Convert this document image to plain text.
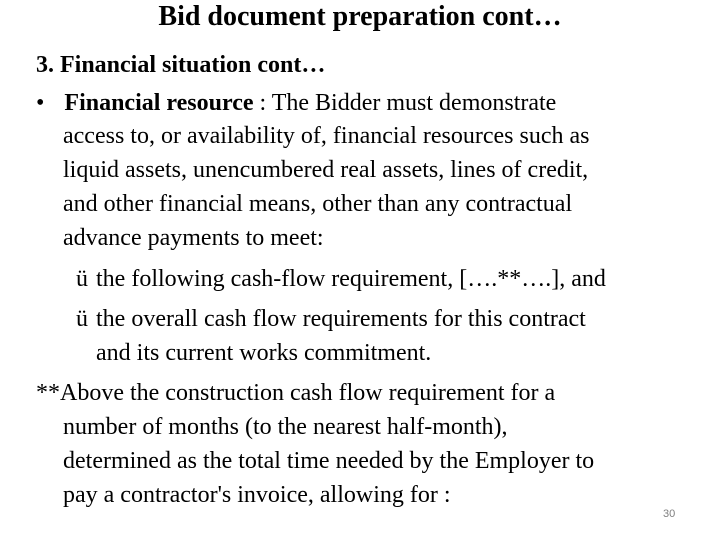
Bid document preparation cont…
3. Financial situation cont…
• Financial resource : The Bidder must demonstrate
access to, or availability of, financial resources such as
liquid assets, unencumbered real assets, lines of credit,
and other financial means, other than any contractual
advance payments to meet:
ü the following cash-flow requirement, [….**….], and
ü the overall cash flow requirements for this contract
and its current works commitment.
**Above the construction cash flow requirement for a
number of months (to the nearest half-month),
determined as the total time needed by the Employer to
pay a contractor's invoice, allowing for :
30
